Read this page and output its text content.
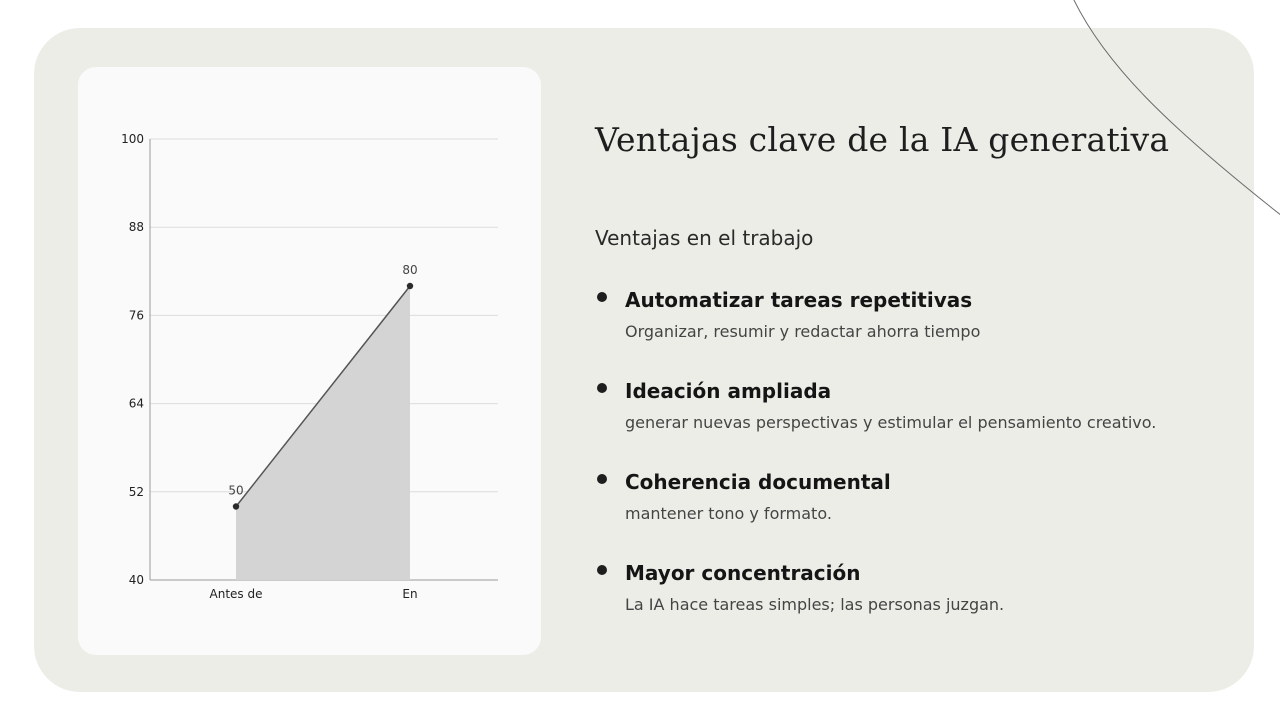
40
52
64
76
88
100
50
80
Antes de	En
Ventajas clave de la IA generativa
Ventajas en el trabajo
Automatizar tareas repetitivas
Organizar, resumir y redactar ahorra tiempo
Ideación ampliada
generar nuevas perspectivas y estimular el pensamiento creativo.
Coherencia documental
mantener tono y formato.
Mayor concentración
La IA hace tareas simples; las personas juzgan.
